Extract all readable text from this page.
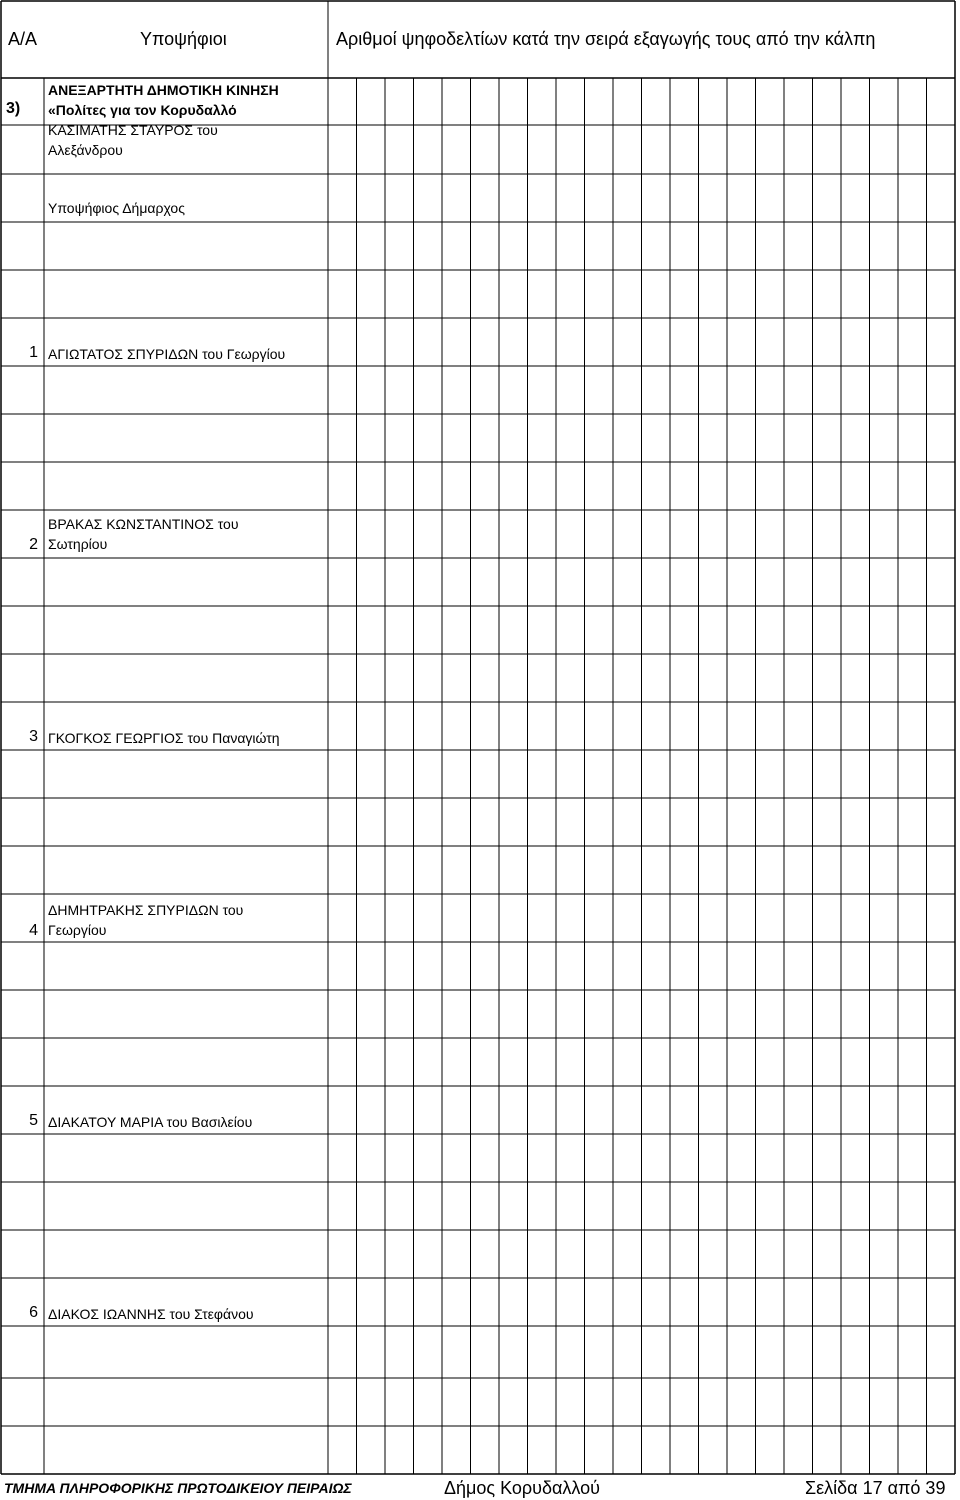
Α/Α	Υποψήφιοι	Αριθμοί ψηφοδελτίων κατά την σειρά εξαγωγής τους από την κάλπη
3)
ΑΝΕΞΑΡΤΗΤΗ ΔΗΜΟΤΙΚΗ ΚΙΝΗΣΗ
«Πολίτες για τον Κορυδαλλό
ΚΑΣΙΜΑΤΗΣ ΣΤΑΥΡΟΣ του
Αλεξάνδρου
Υποψήφιος Δήμαρχος
1 ΑΓΙΩΤΑΤΟΣ ΣΠΥΡΙΔΩΝ του Γεωργίου
2
ΒΡΑΚΑΣ ΚΩΝΣΤΑΝΤΙΝΟΣ του
Σωτηρίου
3 ΓΚΟΓΚΟΣ ΓΕΩΡΓΙΟΣ του Παναγιώτη
4
ΔΗΜΗΤΡΑΚΗΣ ΣΠΥΡΙΔΩΝ του
Γεωργίου
5 ΔΙΑΚΑΤΟΥ ΜΑΡΙΑ του Βασιλείου
6 ΔΙΑΚΟΣ ΙΩΑΝΝΗΣ του Στεφάνου
ΤΜΗΜΑ ΠΛΗΡΟΦΟΡΙΚΗΣ ΠΡΩΤΟΔΙΚΕΙΟΥ ΠΕΙΡΑΙΩΣ	Δήμος Κορυδαλλού	Σελίδα 17 από 39
